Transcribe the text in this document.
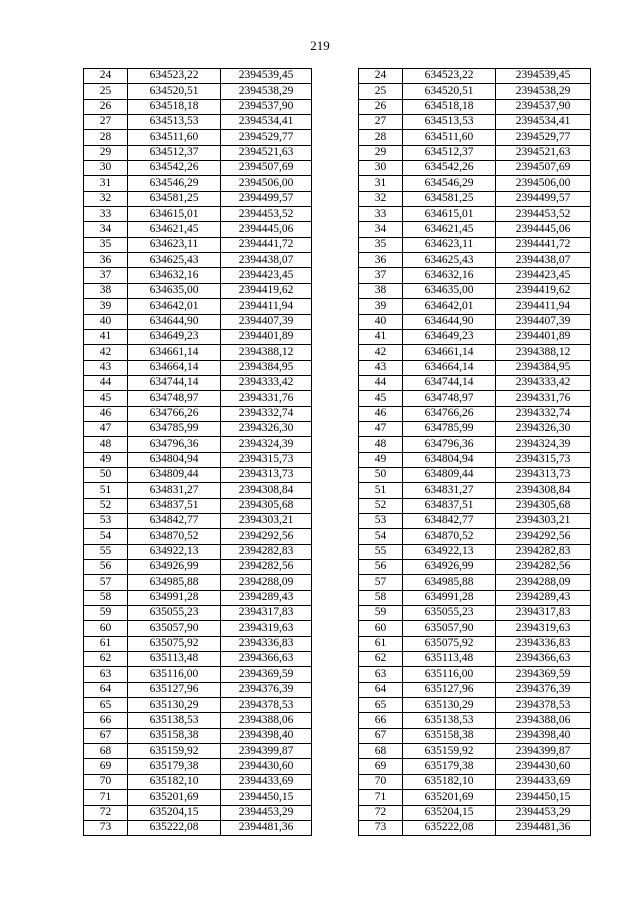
219
24	634523,22	2394539,45		24	634523,22	2394539,45
25	634520,51	2394538,29		25	634520,51	2394538,29
26	634518,18	2394537,90		26	634518,18	2394537,90
27	634513,53	2394534,41		27	634513,53	2394534,41
28	634511,60	2394529,77		28	634511,60	2394529,77
29	634512,37	2394521,63		29	634512,37	2394521,63
30	634542,26	2394507,69		30	634542,26	2394507,69
31	634546,29	2394506,00		31	634546,29	2394506,00
32	634581,25	2394499,57		32	634581,25	2394499,57
33	634615,01	2394453,52		33	634615,01	2394453,52
34	634621,45	2394445,06		34	634621,45	2394445,06
35	634623,11	2394441,72		35	634623,11	2394441,72
36	634625,43	2394438,07		36	634625,43	2394438,07
37	634632,16	2394423,45		37	634632,16	2394423,45
38	634635,00	2394419,62		38	634635,00	2394419,62
39	634642,01	2394411,94		39	634642,01	2394411,94
40	634644,90	2394407,39		40	634644,90	2394407,39
41	634649,23	2394401,89		41	634649,23	2394401,89
42	634661,14	2394388,12		42	634661,14	2394388,12
43	634664,14	2394384,95		43	634664,14	2394384,95
44	634744,14	2394333,42		44	634744,14	2394333,42
45	634748,97	2394331,76		45	634748,97	2394331,76
46	634766,26	2394332,74		46	634766,26	2394332,74
47	634785,99	2394326,30		47	634785,99	2394326,30
48	634796,36	2394324,39		48	634796,36	2394324,39
49	634804,94	2394315,73		49	634804,94	2394315,73
50	634809,44	2394313,73		50	634809,44	2394313,73
51	634831,27	2394308,84		51	634831,27	2394308,84
52	634837,51	2394305,68		52	634837,51	2394305,68
53	634842,77	2394303,21		53	634842,77	2394303,21
54	634870,52	2394292,56		54	634870,52	2394292,56
55	634922,13	2394282,83		55	634922,13	2394282,83
56	634926,99	2394282,56		56	634926,99	2394282,56
57	634985,88	2394288,09		57	634985,88	2394288,09
58	634991,28	2394289,43		58	634991,28	2394289,43
59	635055,23	2394317,83		59	635055,23	2394317,83
60	635057,90	2394319,63		60	635057,90	2394319,63
61	635075,92	2394336,83		61	635075,92	2394336,83
62	635113,48	2394366,63		62	635113,48	2394366,63
63	635116,00	2394369,59		63	635116,00	2394369,59
64	635127,96	2394376,39		64	635127,96	2394376,39
65	635130,29	2394378,53		65	635130,29	2394378,53
66	635138,53	2394388,06		66	635138,53	2394388,06
67	635158,38	2394398,40		67	635158,38	2394398,40
68	635159,92	2394399,87		68	635159,92	2394399,87
69	635179,38	2394430,60		69	635179,38	2394430,60
70	635182,10	2394433,69		70	635182,10	2394433,69
71	635201,69	2394450,15		71	635201,69	2394450,15
72	635204,15	2394453,29		72	635204,15	2394453,29
73	635222,08	2394481,36		73	635222,08	2394481,36
